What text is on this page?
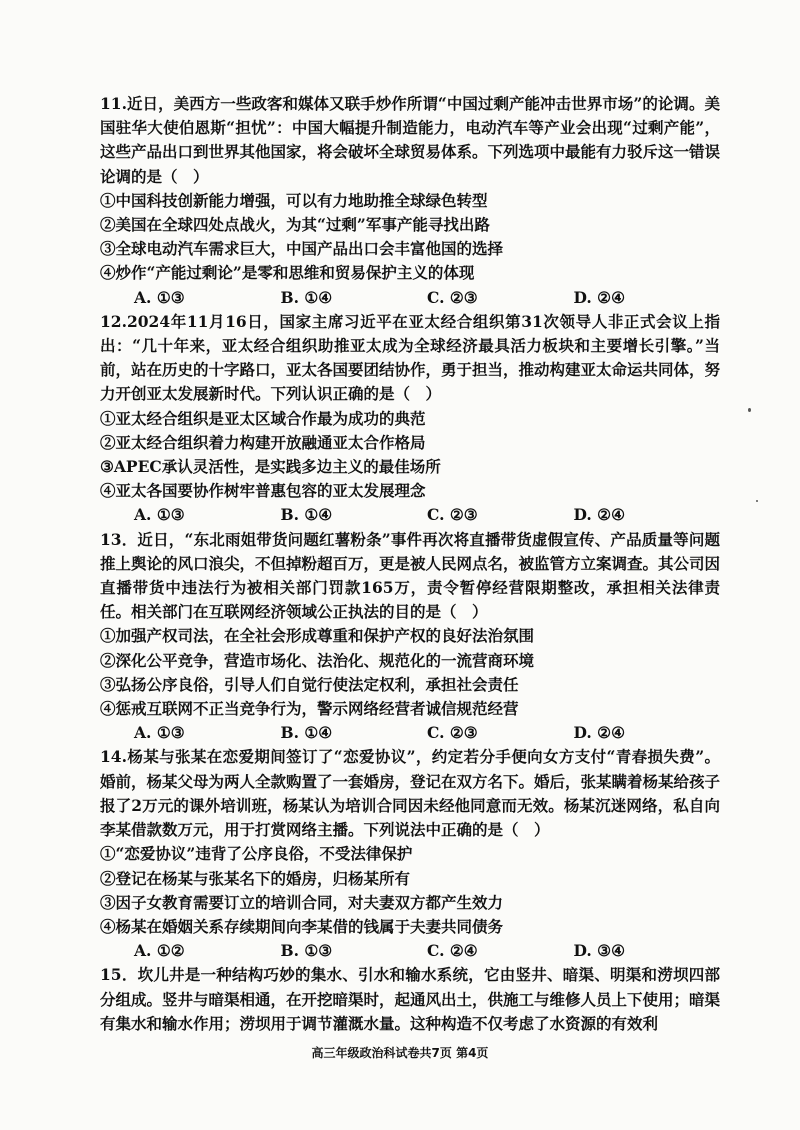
11.近日，美西方一些政客和媒体又联手炒作所谓“中国过剩产能冲击世界市场”的论调。美国驻华大使伯恩斯“担忧”：中国大幅提升制造能力，电动汽车等产业会出现“过剩产能”，这些产品出口到世界其他国家，将会破坏全球贸易体系。下列选项中最能有力驳斥这一错误论调的是（　）

①中国科技创新能力增强，可以有力地助推全球绿色转型

②美国在全球四处点战火，为其“过剩”军事产能寻找出路

③全球电动汽车需求巨大，中国产品出口会丰富他国的选择

④炒作“产能过剩论”是零和思维和贸易保护主义的体现

A. ①③	B. ①④	C. ②③	D. ②④

12.2024年11月16日，国家主席习近平在亚太经合组织第31次领导人非正式会议上指出：“几十年来，亚太经合组织助推亚太成为全球经济最具活力板块和主要增长引擎。”当前，站在历史的十字路口，亚太各国要团结协作，勇于担当，推动构建亚太命运共同体，努力开创亚太发展新时代。下列认识正确的是（　）

①亚太经合组织是亚太区域合作最为成功的典范

②亚太经合组织着力构建开放融通亚太合作格局

③APEC承认灵活性，是实践多边主义的最佳场所

④亚太各国要协作树牢普惠包容的亚太发展理念

A. ①③	B. ①④	C. ②③	D. ②④

13．近日，“东北雨姐带货问题红薯粉条”事件再次将直播带货虚假宣传、产品质量等问题推上舆论的风口浪尖，不但掉粉超百万，更是被人民网点名，被监管方立案调查。其公司因直播带货中违法行为被相关部门罚款165万，责令暂停经营限期整改，承担相关法律责任。相关部门在互联网经济领域公正执法的目的是（　）

①加强产权司法，在全社会形成尊重和保护产权的良好法治氛围

②深化公平竞争，营造市场化、法治化、规范化的一流营商环境

③弘扬公序良俗，引导人们自觉行使法定权利，承担社会责任

④惩戒互联网不正当竞争行为，警示网络经营者诚信规范经营

A. ①③	B. ①④	C. ②③	D. ②④

14.杨某与张某在恋爱期间签订了“恋爱协议”，约定若分手便向女方支付“青春损失费”。婚前，杨某父母为两人全款购置了一套婚房，登记在双方名下。婚后，张某瞒着杨某给孩子报了2万元的课外培训班，杨某认为培训合同因未经他同意而无效。杨某沉迷网络，私自向李某借款数万元，用于打赏网络主播。下列说法中正确的是（　）

①“恋爱协议”违背了公序良俗，不受法律保护

②登记在杨某与张某名下的婚房，归杨某所有

③因子女教育需要订立的培训合同，对夫妻双方都产生效力

④杨某在婚姻关系存续期间向李某借的钱属于夫妻共同债务

A. ①②	B. ①③	C. ②④	D. ③④

15．坎儿井是一种结构巧妙的集水、引水和输水系统，它由竖井、暗渠、明渠和涝坝四部分组成。竖井与暗渠相通，在开挖暗渠时，起通风出土，供施工与维修人员上下使用；暗渠有集水和输水作用；涝坝用于调节灌溉水量。这种构造不仅考虑了水资源的有效利

高三年级政治科试卷共7页 第4页
